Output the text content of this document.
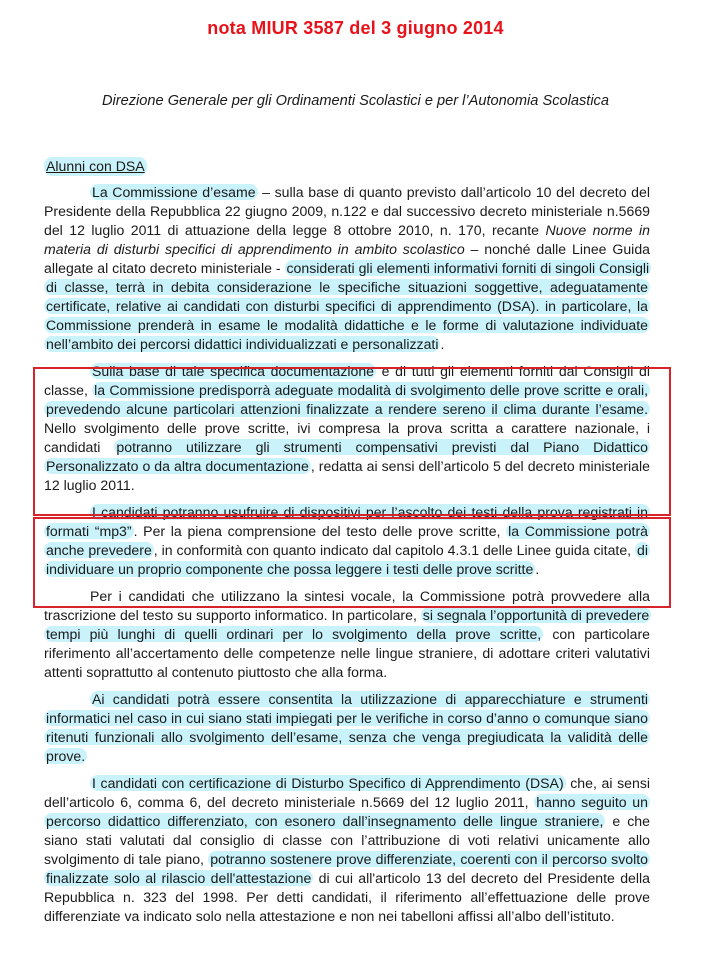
nota MIUR 3587 del 3 giugno 2014
Direzione Generale per gli Ordinamenti Scolastici e per l’Autonomia Scolastica
Alunni con DSA

La Commissione d’esame – sulla base di quanto previsto dall’articolo 10 del decreto del Presidente della Repubblica 22 giugno 2009, n.122 e dal successivo decreto ministeriale n.5669 del 12 luglio 2011 di attuazione della legge 8 ottobre 2010, n. 170, recante Nuove norme in materia di disturbi specifici di apprendimento in ambito scolastico – nonché dalle Linee Guida allegate al citato decreto ministeriale - considerati gli elementi informativi forniti di singoli Consigli di classe, terrà in debita considerazione le specifiche situazioni soggettive, adeguatamente certificate, relative ai candidati con disturbi specifici di apprendimento (DSA). in particolare, la Commissione prenderà in esame le modalità didattiche e le forme di valutazione individuate nell’ambito dei percorsi didattici individualizzati e personalizzati .

Sulla base di tale specifica documentazione e di tutti gli elementi forniti dai Consigli di classe, la Commissione predisporrà adeguate modalità di svolgimento delle prove scritte e orali, prevedendo alcune particolari attenzioni finalizzate a rendere sereno il clima durante l’esame. Nello svolgimento delle prove scritte, ivi compresa la prova scritta a carattere nazionale, i candidati potranno utilizzare gli strumenti compensativi previsti dal Piano Didattico Personalizzato o da altra documentazione , redatta ai sensi dell’articolo 5 del decreto ministeriale 12 luglio 2011.

I candidati potranno usufruire di dispositivi per l’ascolto dei testi della prova registrati in formati “mp3” . Per la piena comprensione del testo delle prove scritte, la Commissione potrà anche prevedere , in conformità con quanto indicato dal capitolo 4.3.1 delle Linee guida citate, di individuare un proprio componente che possa leggere i testi delle prove scritte .

Per i candidati che utilizzano la sintesi vocale, la Commissione potrà provvedere alla trascrizione del testo su supporto informatico. In particolare, si segnala l’opportunità di prevedere tempi più lunghi di quelli ordinari per lo svolgimento della prove scritte, con particolare riferimento all’accertamento delle competenze nelle lingue straniere, di adottare criteri valutativi attenti soprattutto al contenuto piuttosto che alla forma.

Ai candidati potrà essere consentita la utilizzazione di apparecchiature e strumenti informatici nel caso in cui siano stati impiegati per le verifiche in corso d’anno o comunque siano ritenuti funzionali allo svolgimento dell’esame, senza che venga pregiudicata la validità delle prove.

I candidati con certificazione di Disturbo Specifico di Apprendimento (DSA) che, ai sensi dell’articolo 6, comma 6, del decreto ministeriale n.5669 del 12 luglio 2011, hanno seguito un percorso didattico differenziato, con esonero dall’insegnamento delle lingue straniere, e che siano stati valutati dal consiglio di classe con l’attribuzione di voti relativi unicamente allo svolgimento di tale piano, potranno sostenere prove differenziate, coerenti con il percorso svolto finalizzate solo al rilascio dell'attestazione di cui all'articolo 13 del decreto del Presidente della Repubblica n. 323 del 1998. Per detti candidati, il riferimento all’effettuazione delle prove differenziate va indicato solo nella attestazione e non nei tabelloni affissi all’albo dell’istituto.
